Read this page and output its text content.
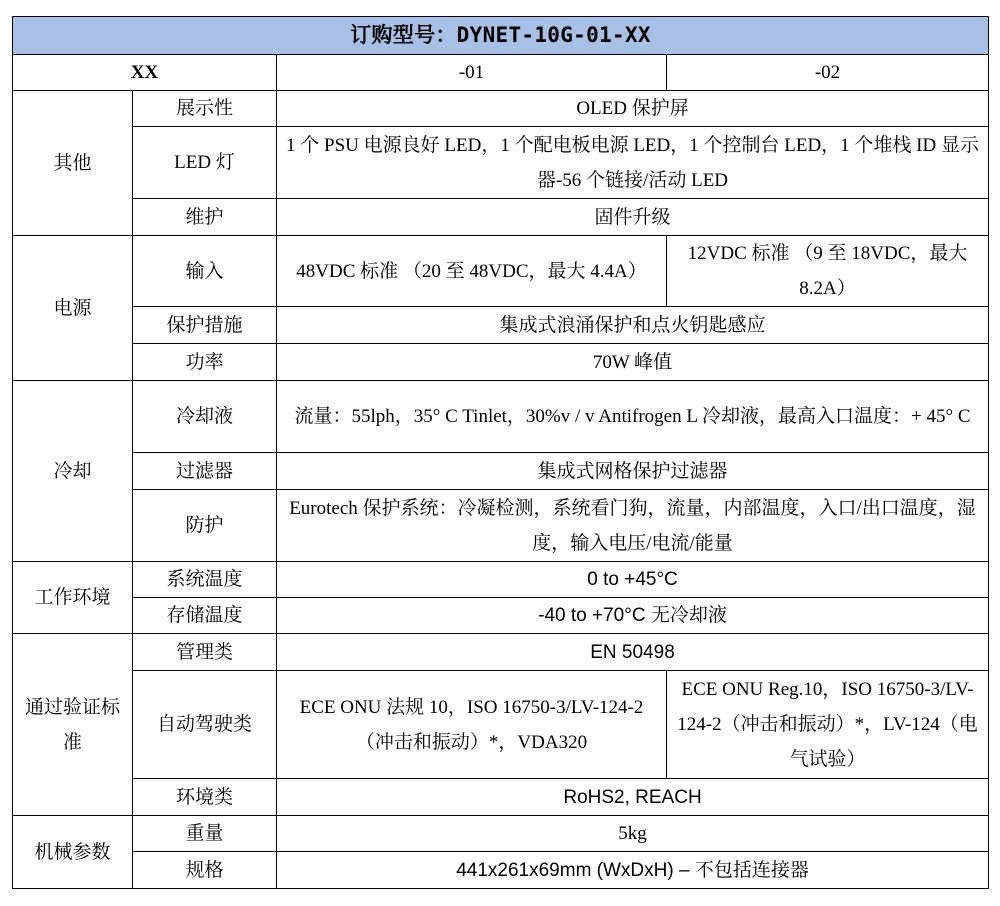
订购型号：DYNET-10G-01-XX			
XX		-01	-02
其他	展示性	OLED 保护屏	
	LED 灯	1 个 PSU 电源良好 LED，1 个配电板电源 LED，1 个控制台 LED，1 个堆栈 ID 显示器-56 个链接/活动 LED	
	维护	固件升级	
电源	输入	48VDC 标准 （20 至 48VDC，最大 4.4A）	12VDC 标准 （9 至 18VDC，最大 8.2A）
	保护措施	集成式浪涌保护和点火钥匙感应	
	功率	70W 峰值	
冷却	冷却液	流量：55lph，35° C Tinlet，30%v / v Antifrogen L 冷却液，最高入口温度：+ 45° C	
	过滤器	集成式网格保护过滤器	
	防护	Eurotech 保护系统：冷凝检测，系统看门狗，流量，内部温度，入口/出口温度，湿度，输入电压/电流/能量	
工作环境	系统温度	0 to +45°C	
	存储温度	-40 to +70°C 无冷却液	
通过验证标准	管理类	EN 50498	
	自动驾驶类	ECE ONU 法规 10，ISO 16750-3/LV-124-2（冲击和振动）*，VDA320	ECE ONU Reg.10，ISO 16750-3/LV-124-2（冲击和振动）*，LV-124（电气试验）
	环境类	RoHS2, REACH	
机械参数	重量	5kg	
	规格	441x261x69mm (WxDxH) – 不包括连接器	
